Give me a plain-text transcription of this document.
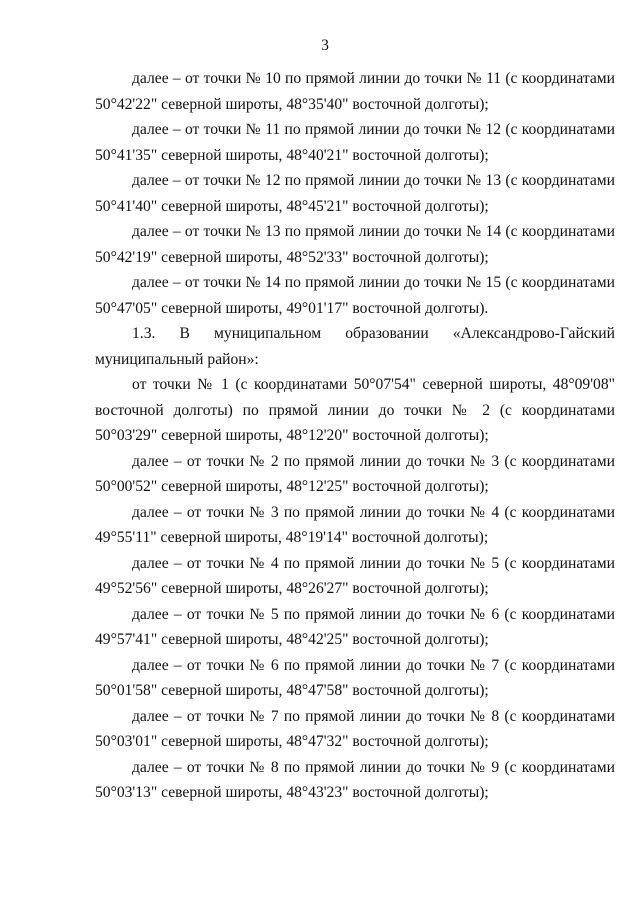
3
далее – от точки № 10 по прямой линии до точки № 11 (с координатами
50°42'22" северной широты, 48°35'40" восточной долготы);
далее – от точки № 11 по прямой линии до точки № 12 (с координатами
50°41'35" северной широты, 48°40'21" восточной долготы);
далее – от точки № 12 по прямой линии до точки № 13 (с координатами
50°41'40" северной широты, 48°45'21" восточной долготы);
далее – от точки № 13 по прямой линии до точки № 14 (с координатами
50°42'19" северной широты, 48°52'33" восточной долготы);
далее – от точки № 14 по прямой линии до точки № 15 (с координатами
50°47'05" северной широты, 49°01'17" восточной долготы).
1.3. В муниципальном образовании «Александрово-Гайский
муниципальный район»:
от точки № 1 (с координатами 50°07'54" северной широты, 48°09'08"
восточной долготы) по прямой линии до точки № 2 (с координатами
50°03'29" северной широты, 48°12'20" восточной долготы);
далее – от точки № 2 по прямой линии до точки № 3 (с координатами
50°00'52" северной широты, 48°12'25" восточной долготы);
далее – от точки № 3 по прямой линии до точки № 4 (с координатами
49°55'11" северной широты, 48°19'14" восточной долготы);
далее – от точки № 4 по прямой линии до точки № 5 (с координатами
49°52'56" северной широты, 48°26'27" восточной долготы);
далее – от точки № 5 по прямой линии до точки № 6 (с координатами
49°57'41" северной широты, 48°42'25" восточной долготы);
далее – от точки № 6 по прямой линии до точки № 7 (с координатами
50°01'58" северной широты, 48°47'58" восточной долготы);
далее – от точки № 7 по прямой линии до точки № 8 (с координатами
50°03'01" северной широты, 48°47'32" восточной долготы);
далее – от точки № 8 по прямой линии до точки № 9 (с координатами
50°03'13" северной широты, 48°43'23" восточной долготы);
